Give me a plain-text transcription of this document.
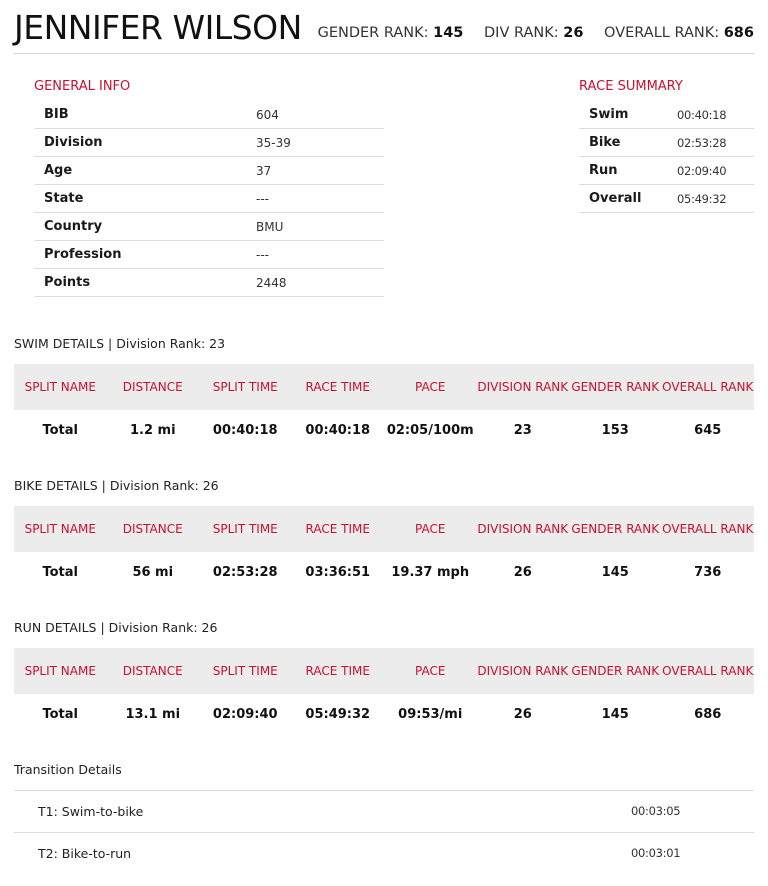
JENNIFER WILSON	GENDER RANK: 145 DIV RANK: 26 OVERALL RANK: 686
GENERAL INFO
BIB	604
Division	35-39
Age	37
State	---
Country	BMU
Profession	---
Points	2448
RACE SUMMARY
Swim	00:40:18
Bike	02:53:28
Run	02:09:40
Overall	05:49:32
SWIM DETAILS | Division Rank: 23
SPLIT NAME	DISTANCE	SPLIT TIME	RACE TIME	PACE	DIVISION RANK	GENDER RANK	OVERALL RANK
Total	1.2 mi	00:40:18	00:40:18	02:05/100m	23	153	645
BIKE DETAILS | Division Rank: 26
SPLIT NAME	DISTANCE	SPLIT TIME	RACE TIME	PACE	DIVISION RANK	GENDER RANK	OVERALL RANK
Total	56 mi	02:53:28	03:36:51	19.37 mph	26	145	736
RUN DETAILS | Division Rank: 26
SPLIT NAME	DISTANCE	SPLIT TIME	RACE TIME	PACE	DIVISION RANK	GENDER RANK	OVERALL RANK
Total	13.1 mi	02:09:40	05:49:32	09:53/mi	26	145	686
Transition Details
T1: Swim-to-bike	00:03:05
T2: Bike-to-run	00:03:01
